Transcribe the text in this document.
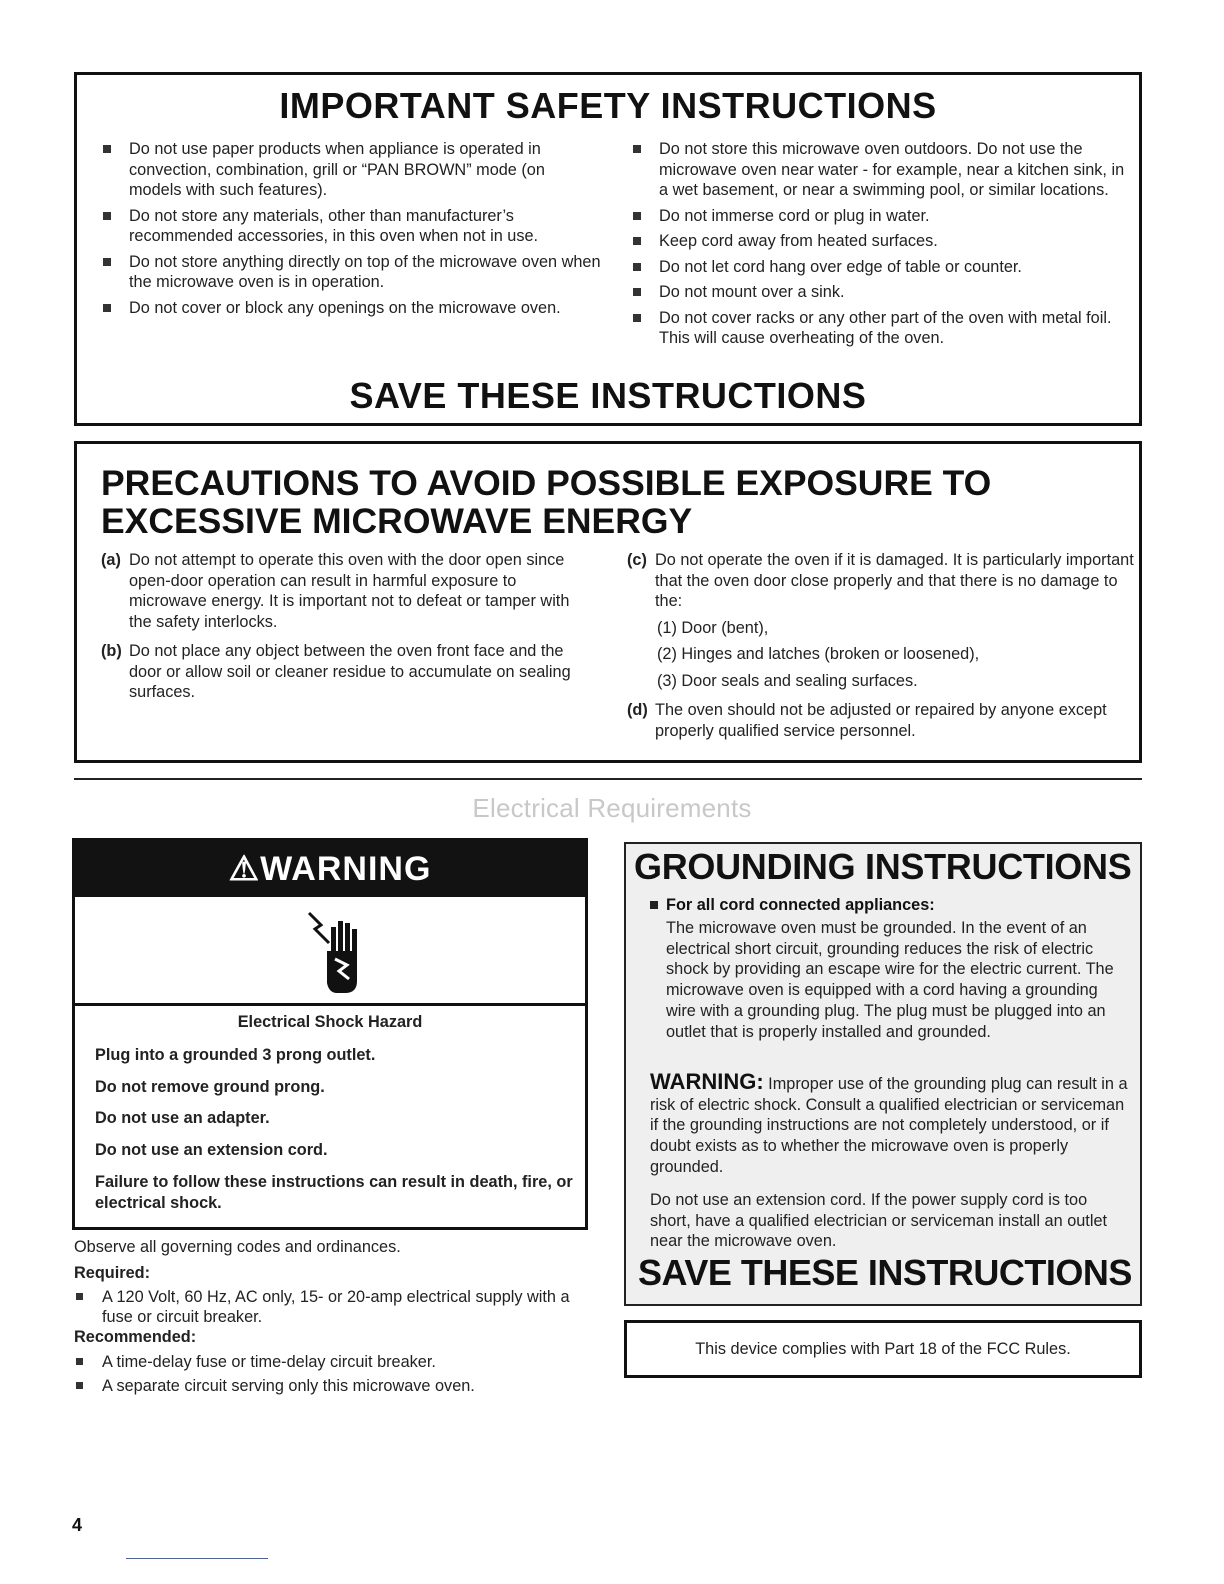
IMPORTANT SAFETY INSTRUCTIONS
Do not use paper products when appliance is operated in convection, combination, grill or “PAN BROWN” mode (on models with such features).
Do not store any materials, other than manufacturer’s recommended accessories, in this oven when not in use.
Do not store anything directly on top of the microwave oven when the microwave oven is in operation.
Do not cover or block any openings on the microwave oven.
Do not store this microwave oven outdoors. Do not use the microwave oven near water - for example, near a kitchen sink, in a wet basement, or near a swimming pool, or similar locations.
Do not immerse cord or plug in water.
Keep cord away from heated surfaces.
Do not let cord hang over edge of table or counter.
Do not mount over a sink.
Do not cover racks or any other part of the oven with metal foil. This will cause overheating of the oven.
SAVE THESE INSTRUCTIONS
PRECAUTIONS TO AVOID POSSIBLE EXPOSURE TO EXCESSIVE MICROWAVE ENERGY
(a) Do not attempt to operate this oven with the door open since open-door operation can result in harmful exposure to microwave energy. It is important not to defeat or tamper with the safety interlocks.
(b) Do not place any object between the oven front face and the door or allow soil or cleaner residue to accumulate on sealing surfaces.
(c) Do not operate the oven if it is damaged. It is particularly important that the oven door close properly and that there is no damage to the:
(1) Door (bent),
(2) Hinges and latches (broken or loosened),
(3) Door seals and sealing surfaces.
(d) The oven should not be adjusted or repaired by anyone except properly qualified service personnel.
Electrical Requirements
⚠WARNING
Electrical Shock Hazard
Plug into a grounded 3 prong outlet.
Do not remove ground prong.
Do not use an adapter.
Do not use an extension cord.
Failure to follow these instructions can result in death, fire, or electrical shock.
Observe all governing codes and ordinances.
Required:
A 120 Volt, 60 Hz, AC only, 15- or 20-amp electrical supply with a fuse or circuit breaker.
Recommended:
A time-delay fuse or time-delay circuit breaker.
A separate circuit serving only this microwave oven.
GROUNDING INSTRUCTIONS
For all cord connected appliances:
The microwave oven must be grounded. In the event of an electrical short circuit, grounding reduces the risk of electric shock by providing an escape wire for the electric current. The microwave oven is equipped with a cord having a grounding wire with a grounding plug. The plug must be plugged into an outlet that is properly installed and grounded.
WARNING: Improper use of the grounding plug can result in a risk of electric shock. Consult a qualified electrician or serviceman if the grounding instructions are not completely understood, or if doubt exists as to whether the microwave oven is properly grounded.
Do not use an extension cord. If the power supply cord is too short, have a qualified electrician or serviceman install an outlet near the microwave oven.
SAVE THESE INSTRUCTIONS
This device complies with Part 18 of the FCC Rules.
4
